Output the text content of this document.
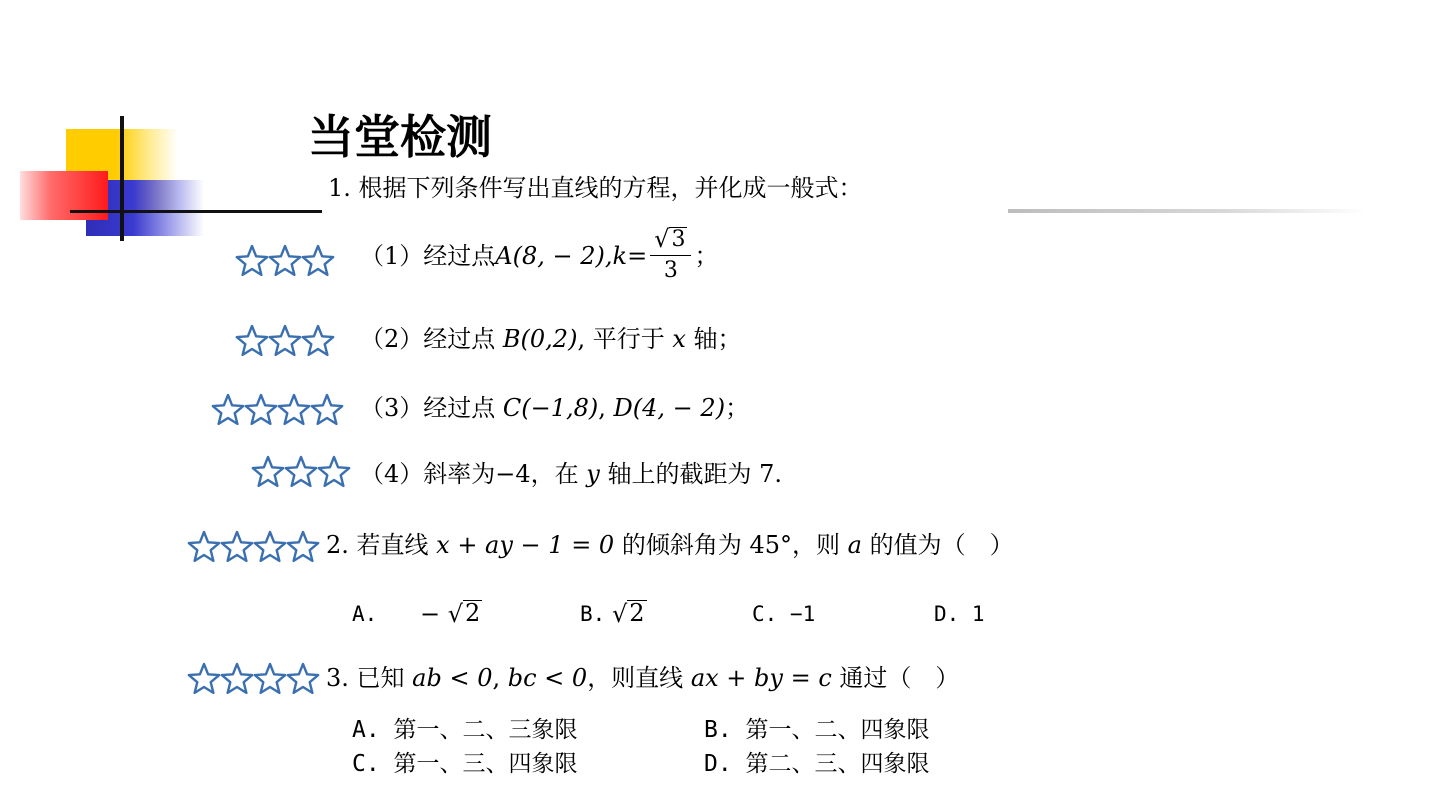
当堂检测
1. 根据下列条件写出直线的方程，并化成一般式：
（1）经过点 A(8, − 2), $k = \frac{√ 3}{3}$ ；
（2）经过点 B(0,2), 平行于 x 轴；
（3）经过点 C(−1,8), D(4, − 2)；
（4）斜率为−4，在 y 轴上的截距为 7.
2. 若直线 x + ay − 1 = 0 的倾斜角为 45°，则 a 的值为（　）
A. − √ 2	B. √ 2	C. −1	D. 1
3. 已知 ab < 0, bc < 0，则直线 ax + by = c 通过（　）
A. 第一、二、三象限	B. 第一、二、四象限
C. 第一、三、四象限	D. 第二、三、四象限
